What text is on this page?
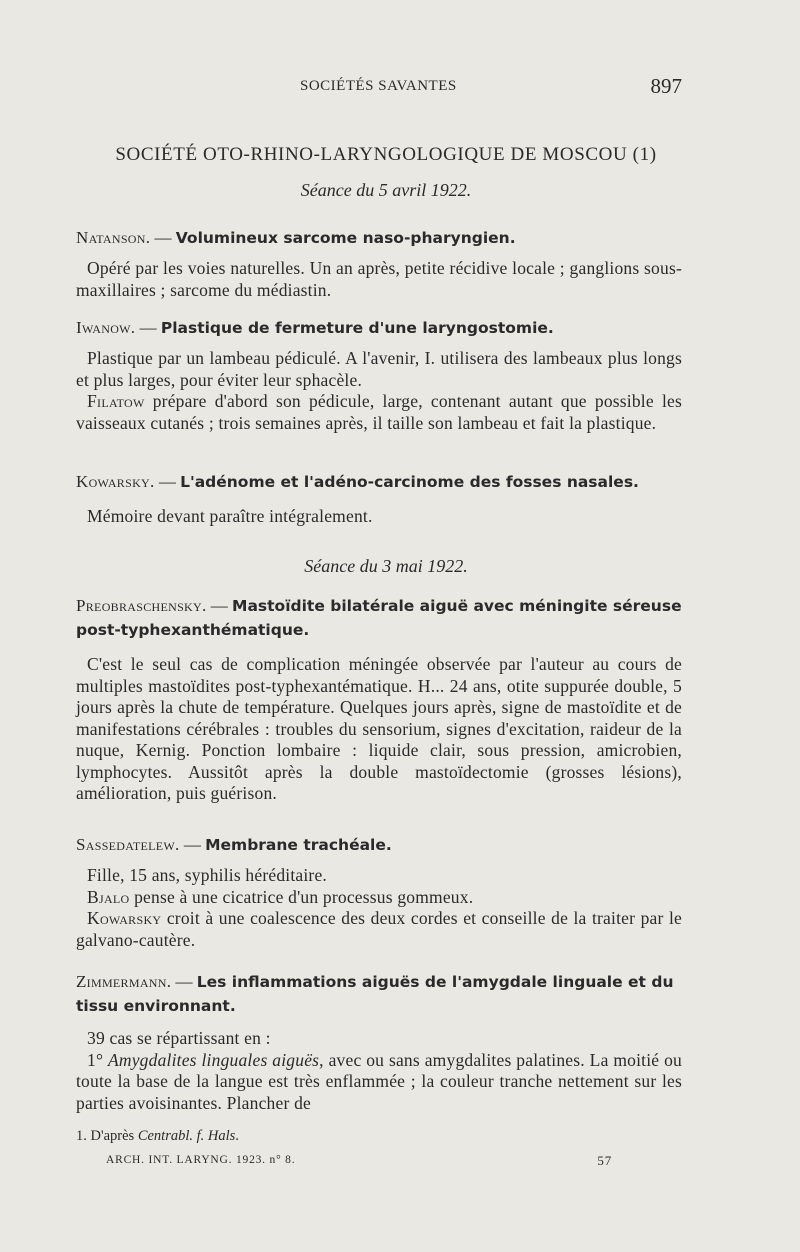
SOCIÉTÉS SAVANTES	897
SOCIÉTÉ OTO-RHINO-LARYNGOLOGIQUE DE MOSCOU (1)
Séance du 5 avril 1922.
Natanson. — Volumineux sarcome naso-pharyngien.

Opéré par les voies naturelles. Un an après, petite récidive locale ; ganglions sous-maxillaires ; sarcome du médiastin.

Iwanow. — Plastique de fermeture d'une laryngostomie.

Plastique par un lambeau pédiculé. A l'avenir, I. utilisera des lambeaux plus longs et plus larges, pour éviter leur sphacèle.

Filatow prépare d'abord son pédicule, large, contenant autant que possible les vaisseaux cutanés ; trois semaines après, il taille son lambeau et fait la plastique.

Kowarsky. — L'adénome et l'adéno-carcinome des fosses nasales.

Mémoire devant paraître intégralement.

Séance du 3 mai 1922.
Preobraschensky. — Mastoïdite bilatérale aiguë avec méningite séreuse post-typhexanthématique.

C'est le seul cas de complication méningée observée par l'auteur au cours de multiples mastoïdites post-typhexantématique. H... 24 ans, otite suppurée double, 5 jours après la chute de température. Quelques jours après, signe de mastoïdite et de manifestations cérébrales : troubles du sensorium, signes d'excitation, raideur de la nuque, Kernig. Ponction lombaire : liquide clair, sous pression, amicrobien, lymphocytes. Aussitôt après la double mastoïdectomie (grosses lésions), amélioration, puis guérison.

Sassedatelew. — Membrane trachéale.

Fille, 15 ans, syphilis héréditaire.

Bjalo pense à une cicatrice d'un processus gommeux.

Kowarsky croit à une coalescence des deux cordes et conseille de la traiter par le galvano-cautère.

Zimmermann. — Les inflammations aiguës de l'amygdale linguale et du tissu environnant.

39 cas se répartissant en :

1° Amygdalites linguales aiguës, avec ou sans amygdalites palatines. La moitié ou toute la base de la langue est très enflammée ; la couleur tranche nettement sur les parties avoisinantes. Plancher de

1. D'après Centrabl. f. Hals.
ARCH. INT. LARYNG. 1923. n° 8.	57
